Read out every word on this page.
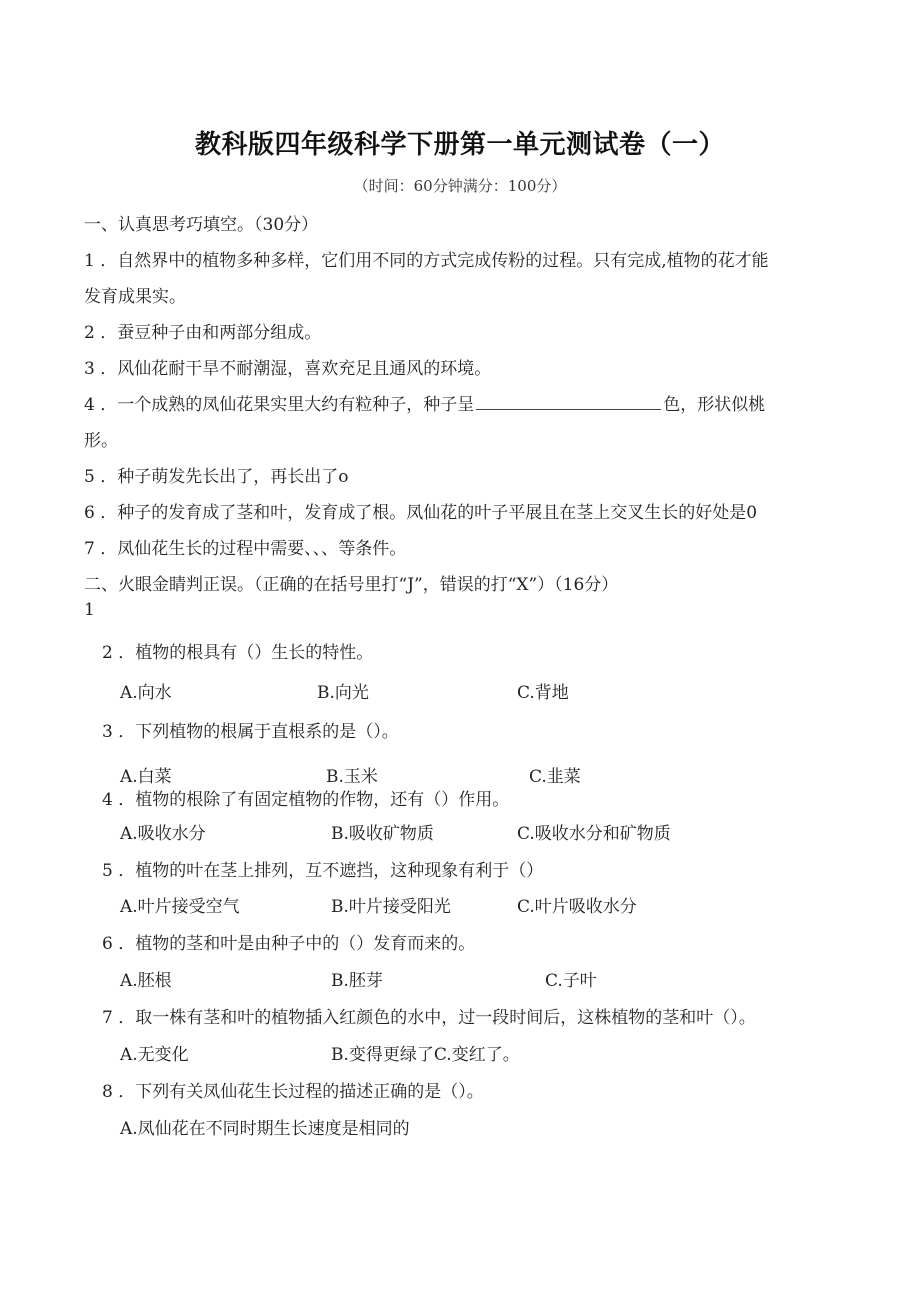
教科版四年级科学下册第一单元测试卷（一）
（时间：60分钟满分：100分）
一、认真思考巧填空。（30分）
1 ．自然界中的植物多种多样，它们用不同的方式完成传粉的过程。只有完成,植物的花才能
发育成果实。
2 ．蚕豆种子由和两部分组成。
3 ．风仙花耐干旱不耐潮湿，喜欢充足且通风的环境。
4 ．一个成熟的凤仙花果实里大约有粒种子，种子呈	色，形状似桃
形。
5 ．种子萌发先长出了，再长出了o
6 ．种子的发育成了茎和叶，发育成了根。凤仙花的叶子平展且在茎上交叉生长的好处是0
7 ．凤仙花生长的过程中需要、、、等条件。
二、火眼金睛判正误。（正确的在括号里打“J”，错误的打“X”）（16分）
1
2 ．植物的根具有（）生长的特性。
A.向水	B.向光	C.背地
3 ．下列植物的根属于直根系的是（）。
A.白菜	B.玉米	C.韭菜
4 ．植物的根除了有固定植物的作物，还有（）作用。
A.吸收水分	B.吸收矿物质	C.吸收水分和矿物质
5 ．植物的叶在茎上排列，互不遮挡，这种现象有利于（）
A.叶片接受空气	B.叶片接受阳光	C.叶片吸收水分
6 ．植物的茎和叶是由种子中的（）发育而来的。
A.胚根	B.胚芽	C.子叶
7 ．取一株有茎和叶的植物插入红颜色的水中，过一段时间后，这株植物的茎和叶（）。
A.无变化	B.变得更绿了C.变红了。
8 ．下列有关凤仙花生长过程的描述正确的是（）。
A.凤仙花在不同时期生长速度是相同的
